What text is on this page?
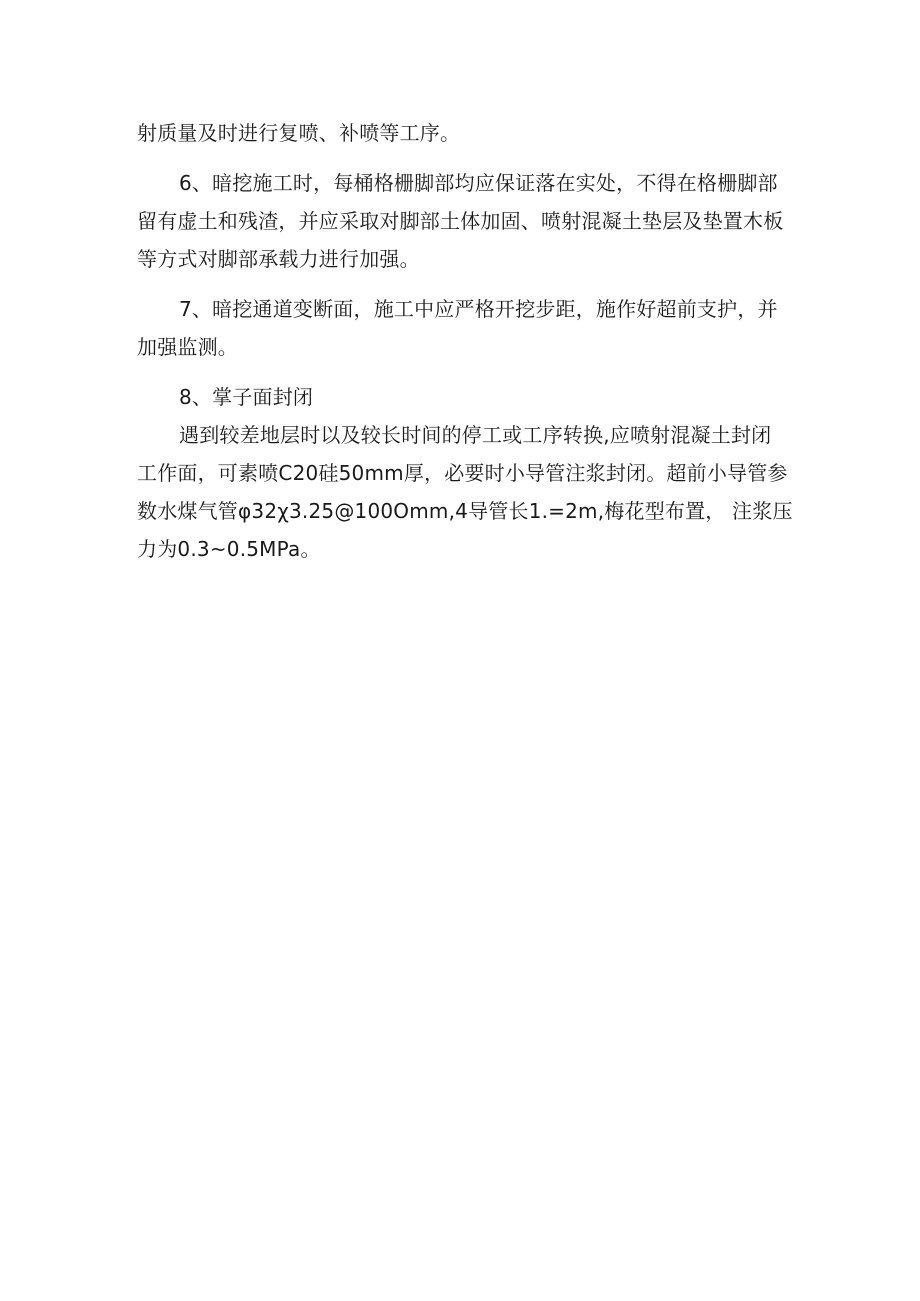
射质量及时进行复喷、补喷等工序。
6、暗挖施工时，每桶格栅脚部均应保证落在实处，不得在格栅脚部
留有虚土和残渣，并应采取对脚部土体加固、喷射混凝土垫层及垫置木板
等方式对脚部承载力进行加强。
7、暗挖通道变断面，施工中应严格开挖步距，施作好超前支护，并
加强监测。
8、掌子面封闭
遇到较差地层时以及较长时间的停工或工序转换,应喷射混凝土封闭
工作面，可素喷C20硅50mm厚，必要时小导管注浆封闭。超前小导管参
数水煤气管φ32χ3.25@100Omm,4导管长1.=2m,梅花型布置， 注浆压
力为0.3~0.5MPa。
